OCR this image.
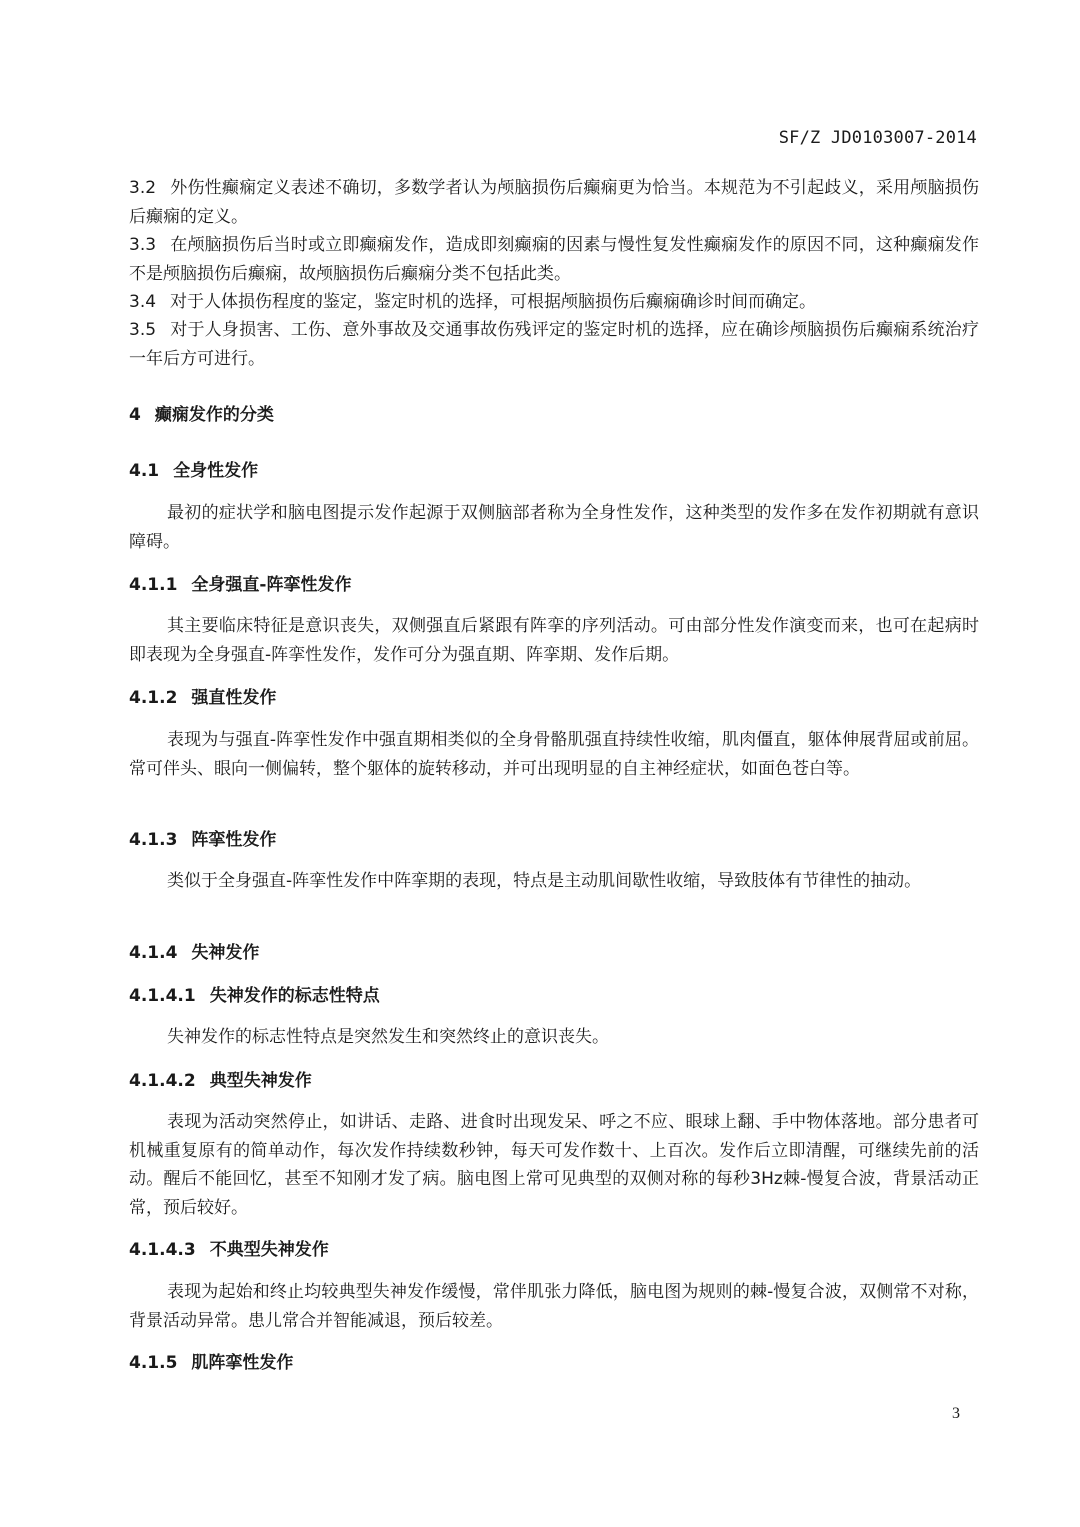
SF/Z JD0103007-2014
3.2 外伤性癫痫定义表述不确切，多数学者认为颅脑损伤后癫痫更为恰当。本规范为不引起歧义，采用颅脑损伤后癫痫的定义。
3.3 在颅脑损伤后当时或立即癫痫发作，造成即刻癫痫的因素与慢性复发性癫痫发作的原因不同，这种癫痫发作不是颅脑损伤后癫痫，故颅脑损伤后癫痫分类不包括此类。
3.4 对于人体损伤程度的鉴定，鉴定时机的选择，可根据颅脑损伤后癫痫确诊时间而确定。
3.5 对于人身损害、工伤、意外事故及交通事故伤残评定的鉴定时机的选择，应在确诊颅脑损伤后癫痫系统治疗一年后方可进行。
4 癫痫发作的分类
4.1 全身性发作
最初的症状学和脑电图提示发作起源于双侧脑部者称为全身性发作，这种类型的发作多在发作初期就有意识障碍。
4.1.1 全身强直-阵挛性发作
其主要临床特征是意识丧失，双侧强直后紧跟有阵挛的序列活动。可由部分性发作演变而来，也可在起病时即表现为全身强直-阵挛性发作，发作可分为强直期、阵挛期、发作后期。
4.1.2 强直性发作
表现为与强直-阵挛性发作中强直期相类似的全身骨骼肌强直持续性收缩，肌肉僵直，躯体伸展背屈或前屈。常可伴头、眼向一侧偏转，整个躯体的旋转移动，并可出现明显的自主神经症状，如面色苍白等。
4.1.3 阵挛性发作
类似于全身强直-阵挛性发作中阵挛期的表现，特点是主动肌间歇性收缩，导致肢体有节律性的抽动。
4.1.4 失神发作
4.1.4.1 失神发作的标志性特点
失神发作的标志性特点是突然发生和突然终止的意识丧失。
4.1.4.2 典型失神发作
表现为活动突然停止，如讲话、走路、进食时出现发呆、呼之不应、眼球上翻、手中物体落地。部分患者可机械重复原有的简单动作，每次发作持续数秒钟，每天可发作数十、上百次。发作后立即清醒，可继续先前的活动。醒后不能回忆，甚至不知刚才发了病。脑电图上常可见典型的双侧对称的每秒3Hz棘-慢复合波，背景活动正常，预后较好。
4.1.4.3 不典型失神发作
表现为起始和终止均较典型失神发作缓慢，常伴肌张力降低，脑电图为规则的棘-慢复合波，双侧常不对称，背景活动异常。患儿常合并智能减退，预后较差。
4.1.5 肌阵挛性发作
3
